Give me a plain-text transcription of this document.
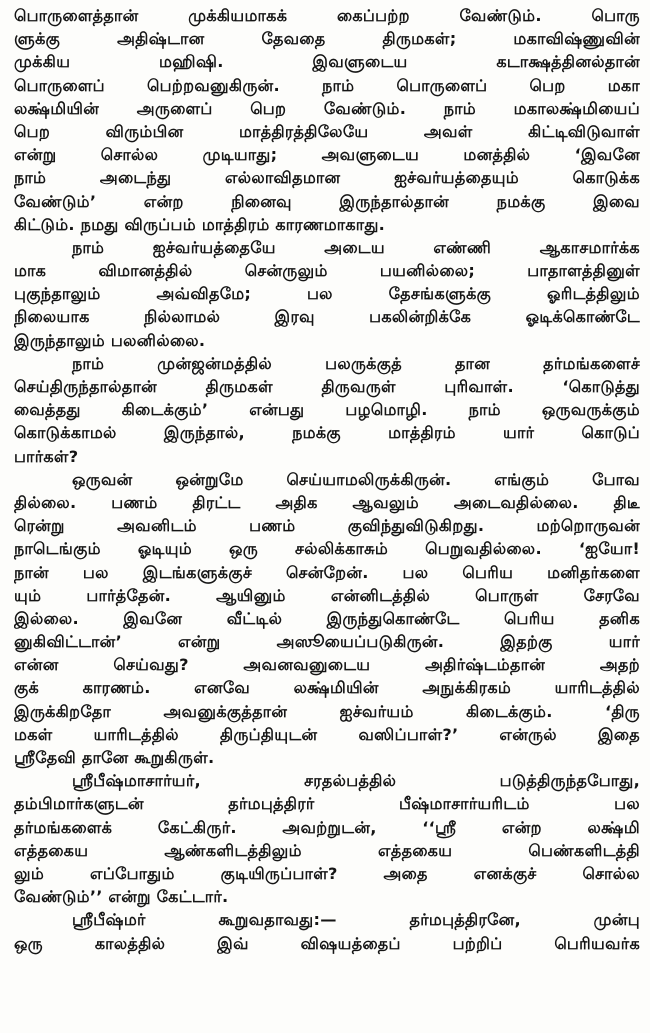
பொருளைத்தான் முக்கியமாகக் கைப்பற்ற வேண்டும். பொரு
ளுக்கு அதிஷ்டான தேவதை திருமகள்; மகாவிஷ்ணுவின்
முக்கிய மஹிஷி. இவளுடைய கடாக்ஷத்தினல்தான்
பொருளைப் பெற்றவனுகிருன். நாம் பொருளைப் பெற மகா
லக்ஷ்மியின் அருளைப் பெற வேண்டும். நாம் மகாலக்ஷ்மியைப்
பெற விரும்பின மாத்திரத்திலேயே அவள் கிட்டிவிடுவாள்
என்று சொல்ல முடியாது; அவளுடைய மனத்தில் ‘இவனே
நாம் அடைந்து எல்லாவிதமான ஐச்வர்யத்தையும் கொடுக்க
வேண்டும்’ என்ற நினைவு இருந்தால்தான் நமக்கு இவை
கிட்டும். நமது விருப்பம் மாத்திரம் காரணமாகாது.
நாம் ஐச்வர்யத்தையே அடைய எண்ணி ஆகாசமார்க்க
மாக விமானத்தில் சென்ருலும் பயனில்லை; பாதாளத்தினுள்
புகுந்தாலும் அவ்விதமே; பல தேசங்களுக்கு ஓரிடத்திலும்
நிலையாக நில்லாமல் இரவு பகலின்றிக்கே ஓடிக்கொண்டே
இருந்தாலும் பலனில்லை.
நாம் முன்ஜன்மத்தில் பலருக்குத் தான தர்மங்களைச்
செய்திருந்தால்தான் திருமகள் திருவருள் புரிவாள். ‘கொடுத்து
வைத்தது கிடைக்கும்’ என்பது பழமொழி. நாம் ஒருவருக்கும்
கொடுக்காமல் இருந்தால், நமக்கு மாத்திரம் யார் கொடுப்
பார்கள்?
ஒருவன் ஒன்றுமே செய்யாமலிருக்கிருன். எங்கும் போவ
தில்லை. பணம் திரட்ட அதிக ஆவலும் அடைவதில்லை. திடீ
ரென்று அவனிடம் பணம் குவிந்துவிடுகிறது. மற்றொருவன்
நாடெங்கும் ஓடியும் ஒரு சல்லிக்காசும் பெறுவதில்லை. ‘ஐயோ!
நான் பல இடங்களுக்குச் சென்றேன். பல பெரிய மனிதர்களை
யும் பார்த்தேன். ஆயினும் என்னிடத்தில் பொருள் சேரவே
இல்லை. இவனே வீட்டில் இருந்துகொண்டே பெரிய தனிக
னுகிவிட்டான்’ என்று அஸூயைப்படுகிருன். இதற்கு யார்
என்ன செய்வது? அவனவனுடைய அதிர்ஷ்டம்தான் அதற்
குக் காரணம். எனவே லக்ஷ்மியின் அநுக்கிரகம் யாரிடத்தில்
இருக்கிறதோ அவனுக்குத்தான் ஐச்வர்யம் கிடைக்கும். ‘திரு
மகள் யாரிடத்தில் திருப்தியுடன் வஸிப்பாள்?’ என்ருல் இதை
ஸ்ரீதேவி தானே கூறுகிருள்.
ஸ்ரீபீஷ்மாசார்யர், சரதல்பத்தில் படுத்திருந்தபோது,
தம்பிமார்களுடன் தர்மபுத்திரர் பீஷ்மாசார்யரிடம் பல
தர்மங்களைக் கேட்கிருர். அவற்றுடன், ‘‘ஸ்ரீ என்ற லக்ஷ்மி
எத்தகைய ஆண்களிடத்திலும் எத்தகைய பெண்களிடத்தி
லும் எப்போதும் குடியிருப்பாள்? அதை எனக்குச் சொல்ல
வேண்டும்’’ என்று கேட்டார்.
ஸ்ரீபீஷ்மர் கூறுவதாவது:— தர்மபுத்திரனே, முன்பு
ஒரு காலத்தில் இவ் விஷயத்தைப் பற்றிப் பெரியவர்க
